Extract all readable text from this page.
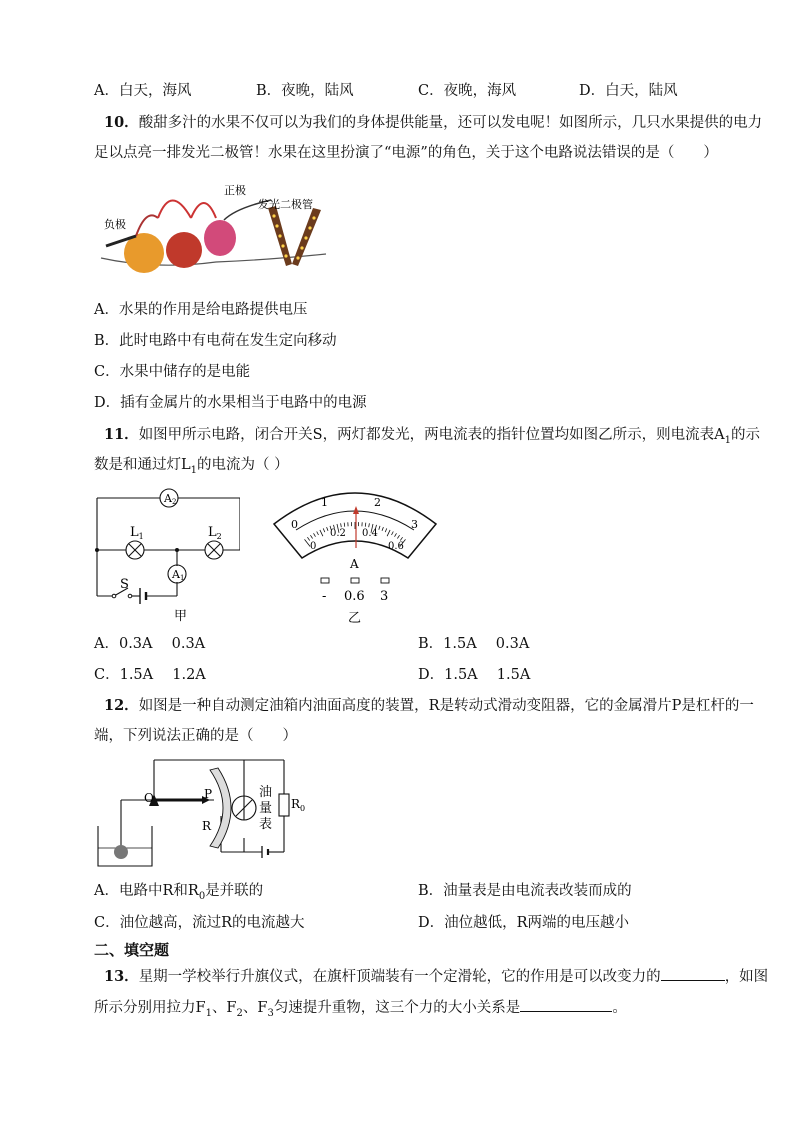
A．白天，海风	B．夜晚，陆风	C．夜晚，海风	D．白天，陆风
10．酸甜多汁的水果不仅可以为我们的身体提供能量，还可以发电呢！如图所示，几只水果提供的电力
足以点亮一排发光二极管！水果在这里扮演了“电源”的角色，关于这个电路说法错误的是（　　）
负极
正极
发光二极管
A．水果的作用是给电路提供电压
B．此时电路中有电荷在发生定向移动
C．水果中储存的是电能
D．插有金属片的水果相当于电路中的电源
11．如图甲所示电路，闭合开关S，两灯都发光，两电流表的指针位置均如图乙所示，则电流表$A_1$的示
数是和通过灯$L_1$的电流为（ ）
A2
A1
$L_1$	$L_2$
S
甲
0
1	2
3
0
0.2 0.4
0.6
A
- 0.6 3
乙
A．0.3A　 0.3A	B．1.5A　 0.3A
C．1.5A　 1.2A	D．1.5A　 1.5A
12．如图是一种自动测定油箱内油面高度的装置，R是转动式滑动变阻器，它的金属滑片P是杠杆的一
端，下列说法正确的是（　　）
O	P
R
油
量
表
$R_0$
A．电路中R和$R_0$是并联的	B．油量表是由电流表改装而成的
C．油位越高，流过R的电流越大	D．油位越低，R两端的电压越小
二、填空题
13．星期一学校举行升旗仪式，在旗杆顶端装有一个定滑轮，它的作用是可以改变力的	，如图
所示分别用拉力$F_1$、$F_2$、$F_3$匀速提升重物，这三个力的大小关系是	。
